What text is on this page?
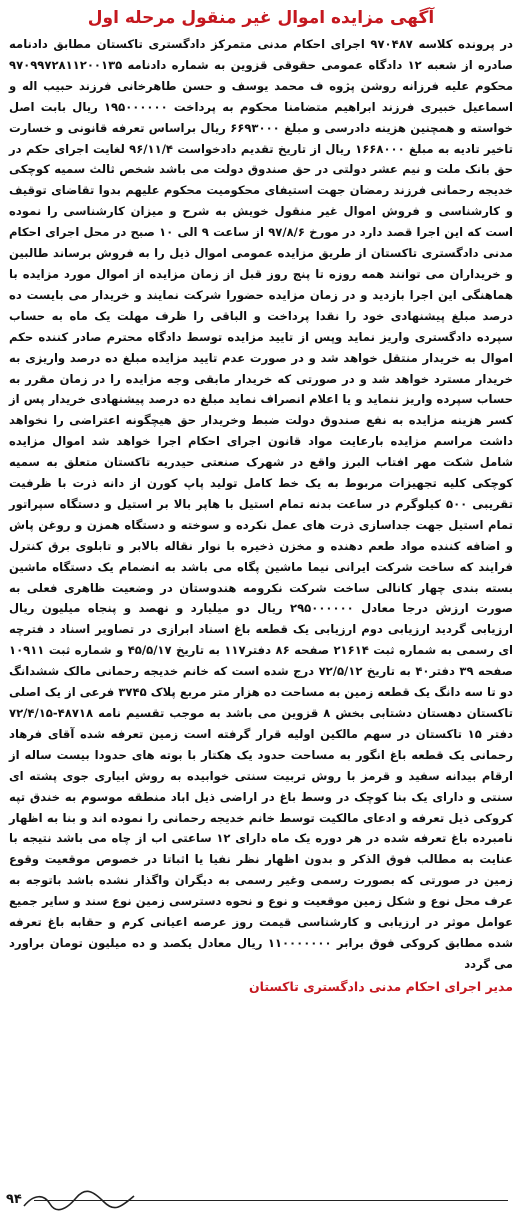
آگهی مزایده اموال غیر منقول مرحله اول

در پرونده کلاسه ۹۷۰۴۸۷ اجرای احکام مدنی متمرکز دادگستری تاکستان مطابق دادنامه صادره از شعبه ۱۲ دادگاه عمومی حقوقی قزوین به شماره دادنامه ۹۷۰۹۹۷۲۸۱۱۲۰۰۱۳۵ محکوم علیه فرزانه روشن پژوه ف محمد یوسف و حسن طاهرخانی فرزند حبیب اله و اسماعیل خبیری فرزند ابراهیم متضامنا محکوم به پرداخت ۱۹۵۰۰۰۰۰۰ ریال بابت اصل خواسته و همچنین هزینه دادرسی و مبلغ ۶۶۹۳۰۰۰ ریال براساس تعرفه قانونی و خسارت تاخیر تادیه به مبلغ ۱۶۶۸۰۰۰ ریال از تاریخ تقدیم دادخواست ۹۶/۱۱/۴ لغایت اجرای حکم در حق بانک ملت و نیم عشر دولتی در حق صندوق دولت می باشد شخص ثالث سمیه کوچکی خدیجه رحمانی فرزند رمضان جهت استیفای محکومیت محکوم علیهم بدوا تقاضای توقیف و کارشناسی و فروش اموال غیر منقول خویش به شرح و میزان کارشناسی را نموده است که این اجرا قصد دارد در مورخ ۹۷/۸/۶ از ساعت ۹ الی ۱۰ صبح در محل اجرای احکام مدنی دادگستری تاکستان از طریق مزایده عمومی اموال ذیل را به فروش برساند طالبین و خریداران می توانند همه روزه تا پنج روز قبل از زمان مزایده از اموال مورد مزایده با هماهنگی این اجرا بازدید و در زمان مزایده حضورا شرکت نمایند و خریدار می بایست ده درصد مبلغ پیشنهادی خود را نقدا پرداخت و الباقی را ظرف مهلت یک ماه به حساب سپرده دادگستری واریز نماید وپس از تایید مزایده توسط دادگاه محترم صادر کننده حکم اموال به خریدار منتقل خواهد شد و در صورت عدم تایید مزایده مبلغ ده درصد واریزی به خریدار مسترد خواهد شد و در صورتی که خریدار مابقی وجه مزایده را در زمان مقرر به حساب سپرده واریز ننماید و یا اعلام انصراف نماید مبلغ ده درصد پیشنهادی خریدار پس از کسر هزینه مزایده به نفع صندوق دولت ضبط وخریدار حق هیچگونه اعتراضی را نخواهد داشت مراسم مزایده بارعایت مواد قانون اجرای احکام اجرا خواهد شد اموال مزایده شامل شکت مهر افتاب البرز واقع در شهرک صنعتی حیدریه تاکستان متعلق به سمیه کوچکی کلیه تجهیزات مربوط به یک خط کامل تولید پاپ کورن از دانه ذرت با ظرفیت تقریبی ۵۰۰ کیلوگرم در ساعت بدنه تمام استیل با هاپر بالا بر استیل و دستگاه سپراتور تمام استیل جهت جداسازی ذرت های عمل نکرده و سوخته و دستگاه همزن و روغن پاش و اضافه کننده مواد طعم دهنده و مخزن ذخیره با نوار نقاله بالابر و تابلوی برق کنترل فرایند که ساخت شرکت ایرانی نیما ماشین پگاه می باشد به انضمام یک دستگاه ماشین بسته بندی چهار کانالی ساخت شرکت نکرومه هندوستان در وضعیت ظاهری فعلی به صورت ارزش درجا معادل ۲۹۵۰۰۰۰۰۰ ریال دو میلیارد و نهصد و پنجاه میلیون ریال ارزیابی گردید ارزیابی دوم ارزیابی یک قطعه باغ اسناد ابرازی در تصاویر اسناد د فترچه ای رسمی به شماره ثبت ۲۱۶۱۴ صفحه ۸۶ دفتر۱۱۷ به تاریخ ۴۵/۵/۱۷ و شماره ثبت ۱۰۹۱۱ صفحه ۳۹ دفتر۴۰ به تاریخ ۷۲/۵/۱۲ درج شده است که خانم خدیجه رحمانی مالک ششدانگ دو تا سه دانگ یک قطعه زمین به مساحت ده هزار متر مربع پلاک ۳۷۴۵ فرعی از یک اصلی تاکستان دهستان دشتابی بخش ۸ قزوین می باشد به موجب تقسیم نامه ۴۸۷۱۸-۷۲/۴/۱۵ دفتر ۱۵ تاکستان در سهم مالکین اولیه قرار گرفته است زمین تعرفه شده آقای فرهاد رحمانی یک قطعه باغ انگور به مساحت حدود یک هکتار با بوته های حدودا بیست ساله از ارقام بیدانه سفید و قرمز با روش تربیت سنتی خوابیده به روش ابیاری جوی پشته ای سنتی و دارای یک بنا کوچک در وسط باغ در اراضی ذیل اباد منطقه موسوم به خندق تپه کروکی ذیل تعرفه و ادعای مالکیت توسط خانم خدیجه رحمانی را نموده اند و بنا به اظهار نامبرده باغ تعرفه شده در هر دوره یک ماه دارای ۱۲ ساعتی اب از چاه می باشد نتیجه با عنایت به مطالب فوق الذکر و بدون اظهار نظر نفیا یا اثباتا در خصوص موقعیت وقوع زمین در صورتی که بصورت رسمی وغیر رسمی به دیگران واگذار نشده باشد باتوجه به عرف محل نوع و شکل زمین موقعیت و نوع و نحوه دسترسی زمین نوع سند و سایر جمیع عوامل موثر در ارزیابی و کارشناسی قیمت روز عرصه اعیانی کرم و حقابه باغ تعرفه شده مطابق کروکی فوق برابر ۱۱۰۰۰۰۰۰۰ ریال معادل یکصد و ده میلیون تومان براورد می گردد

مدیر اجرای احکام مدنی دادگستری تاکستان
۹۴
